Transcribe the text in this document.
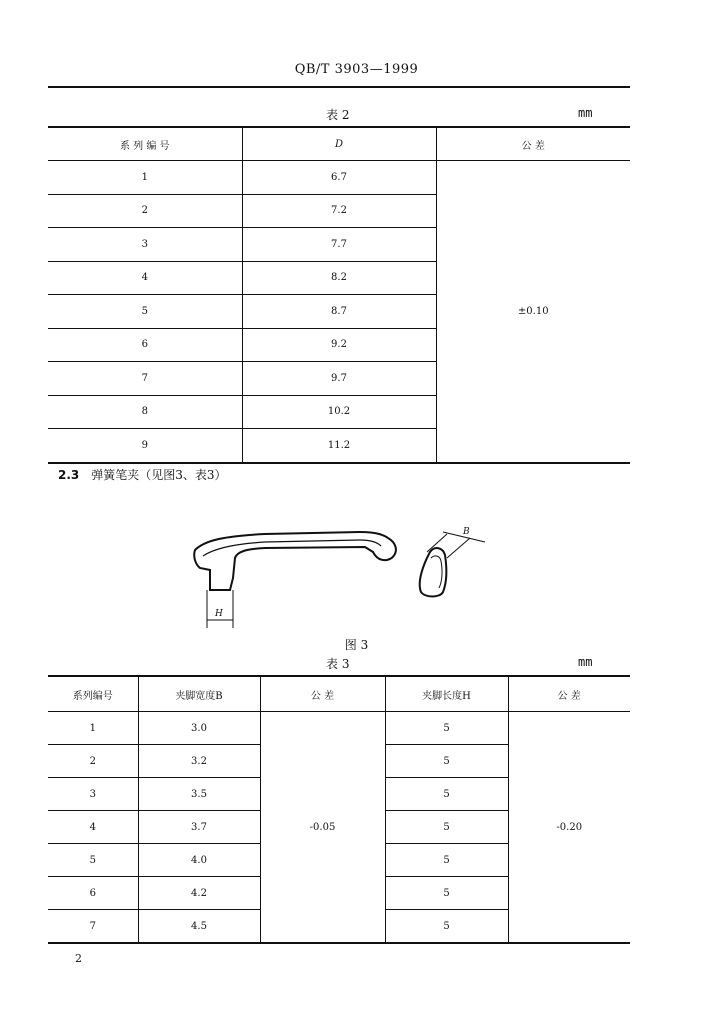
QB/T 3903—1999
表 2	mm
系 列 编 号	D	公 差
1	6.7	±0.10
2	7.2	
3	7.7	
4	8.2	
5	8.7	
6	9.2	
7	9.7	
8	10.2	
9	11.2	
2.3 弹簧笔夹（见图3、表3）
H
B
图 3
表 3	mm
系列编号	夹脚宽度B	公 差	夹脚长度H	公 差
1	3.0	-0.05	5	-0.20
2	3.2		5	
3	3.5		5	
4	3.7		5	
5	4.0		5	
6	4.2		5	
7	4.5		5	
2
